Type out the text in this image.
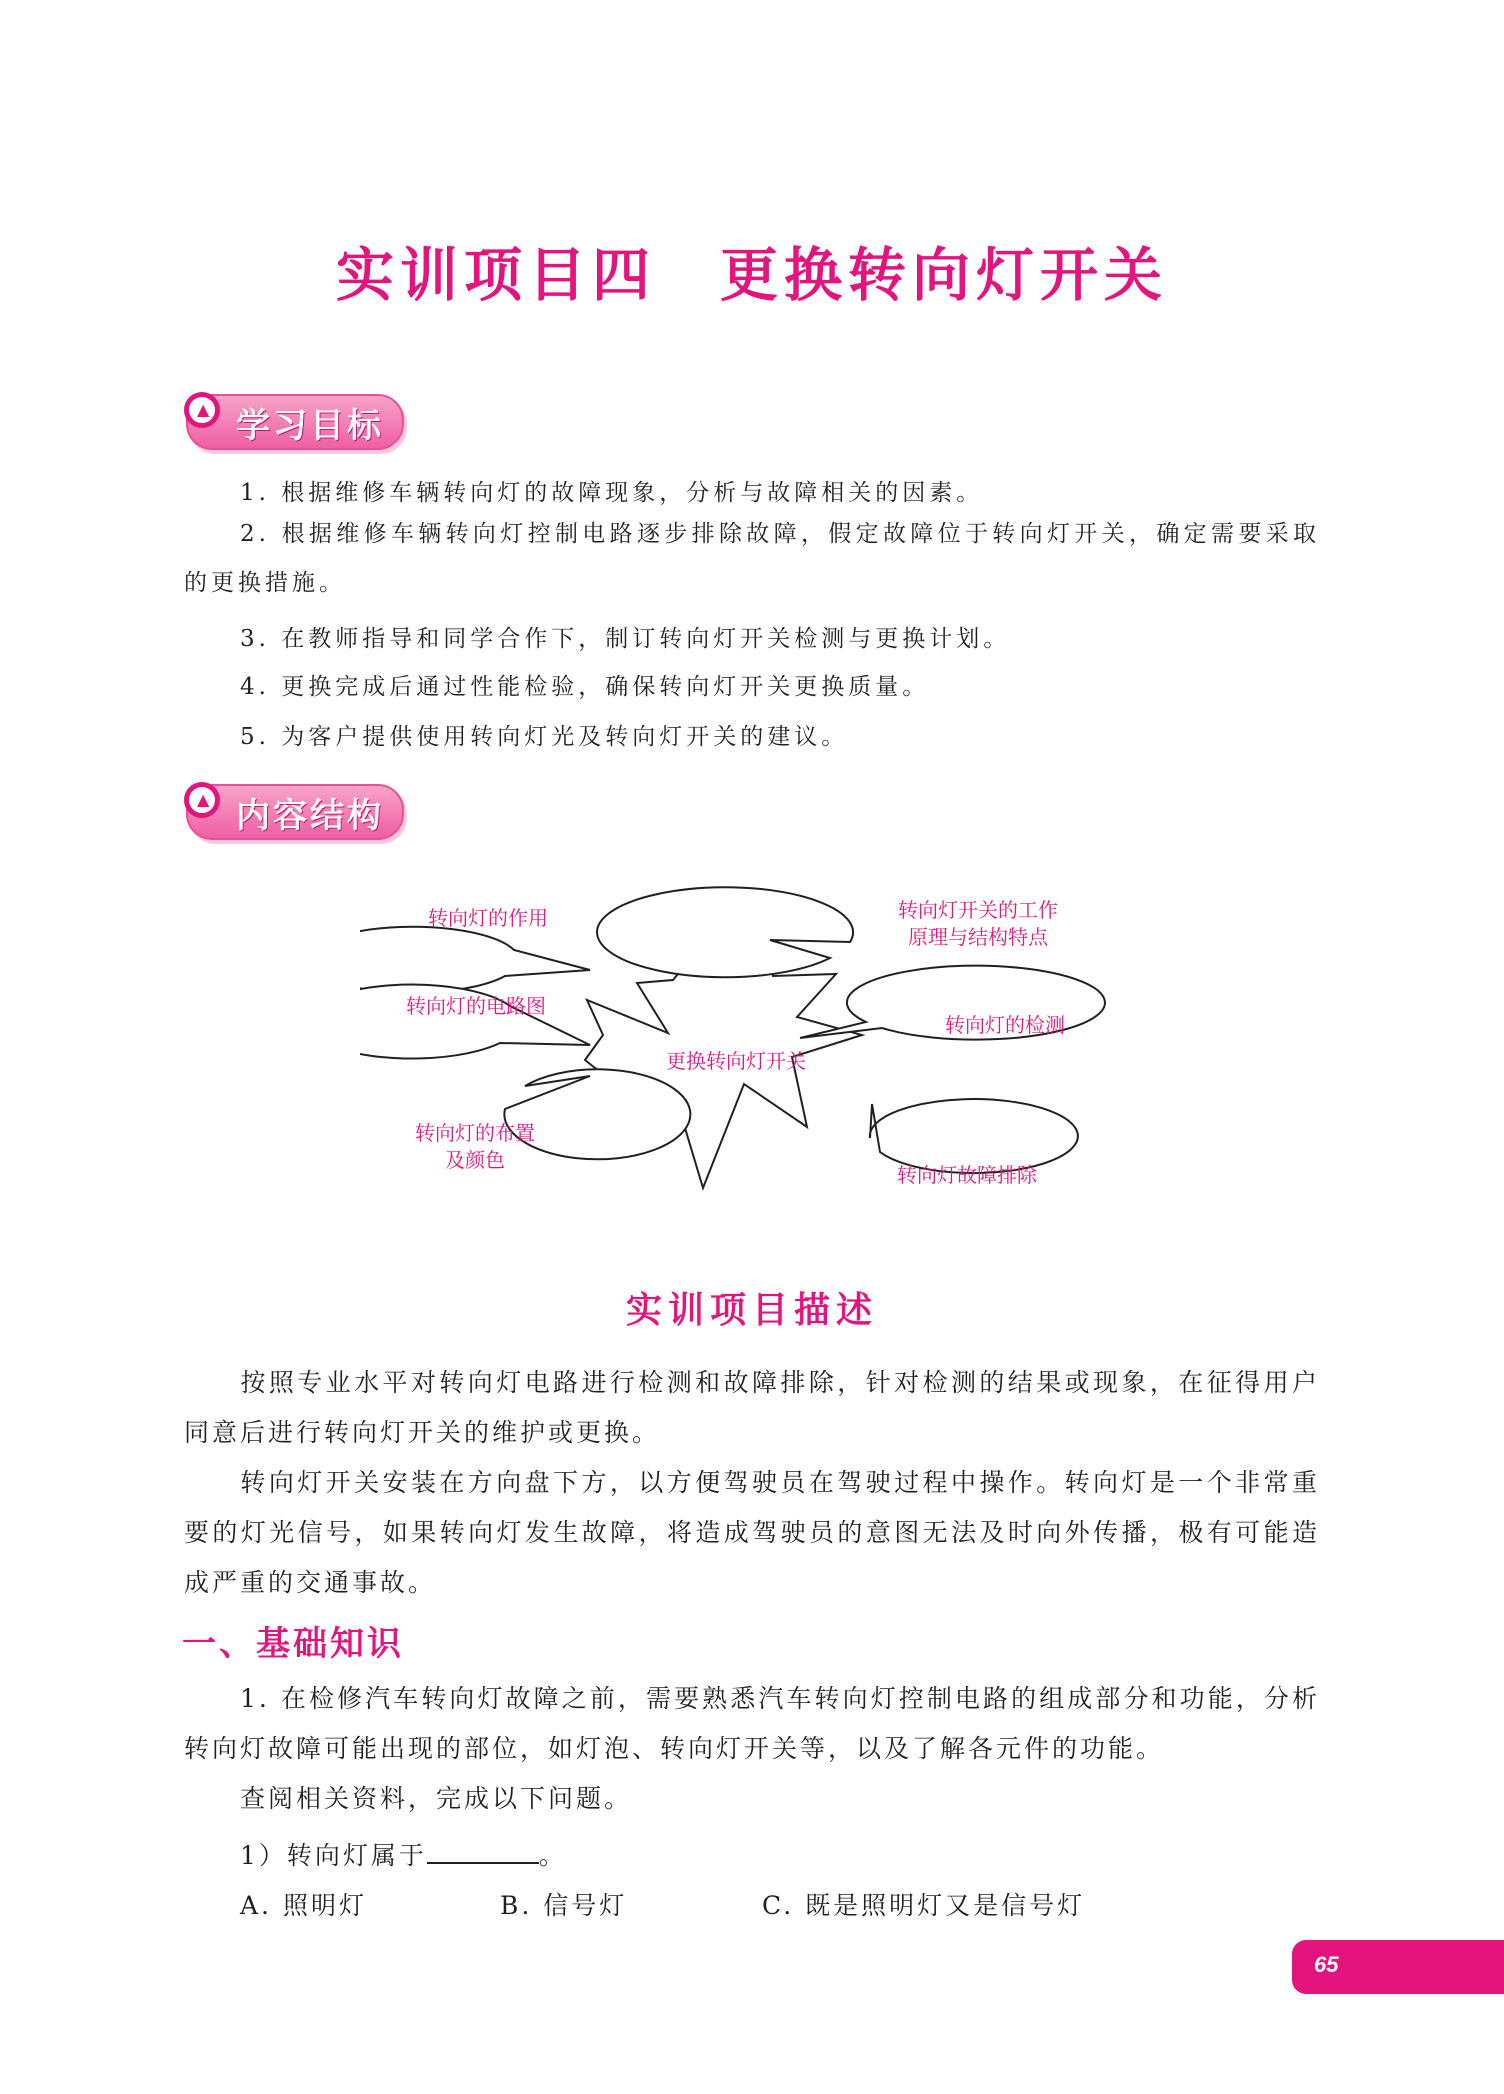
实训项目四　更换转向灯开关
▲ 学习目标
1. 根据维修车辆转向灯的故障现象，分析与故障相关的因素。
2. 根据维修车辆转向灯控制电路逐步排除故障，假定故障位于转向灯开关，确定需要采取的更换措施。
3. 在教师指导和同学合作下，制订转向灯开关检测与更换计划。
4. 更换完成后通过性能检验，确保转向灯开关更换质量。
5. 为客户提供使用转向灯光及转向灯开关的建议。
▲ 内容结构
更换转向灯开关
转向灯的作用	转向灯开关的工作
原理与结构特点
转向灯的电路图
转向灯的检测
转向灯的布置
及颜色
转向灯故障排除
实训项目描述
按照专业水平对转向灯电路进行检测和故障排除，针对检测的结果或现象，在征得用户同意后进行转向灯开关的维护或更换。
转向灯开关安装在方向盘下方，以方便驾驶员在驾驶过程中操作。转向灯是一个非常重要的灯光信号，如果转向灯发生故障，将造成驾驶员的意图无法及时向外传播，极有可能造成严重的交通事故。
一、基础知识
1. 在检修汽车转向灯故障之前，需要熟悉汽车转向灯控制电路的组成部分和功能，分析转向灯故障可能出现的部位，如灯泡、转向灯开关等，以及了解各元件的功能。
查阅相关资料，完成以下问题。
1）转向灯属于	。
A. 照明灯	B. 信号灯	C. 既是照明灯又是信号灯
65
